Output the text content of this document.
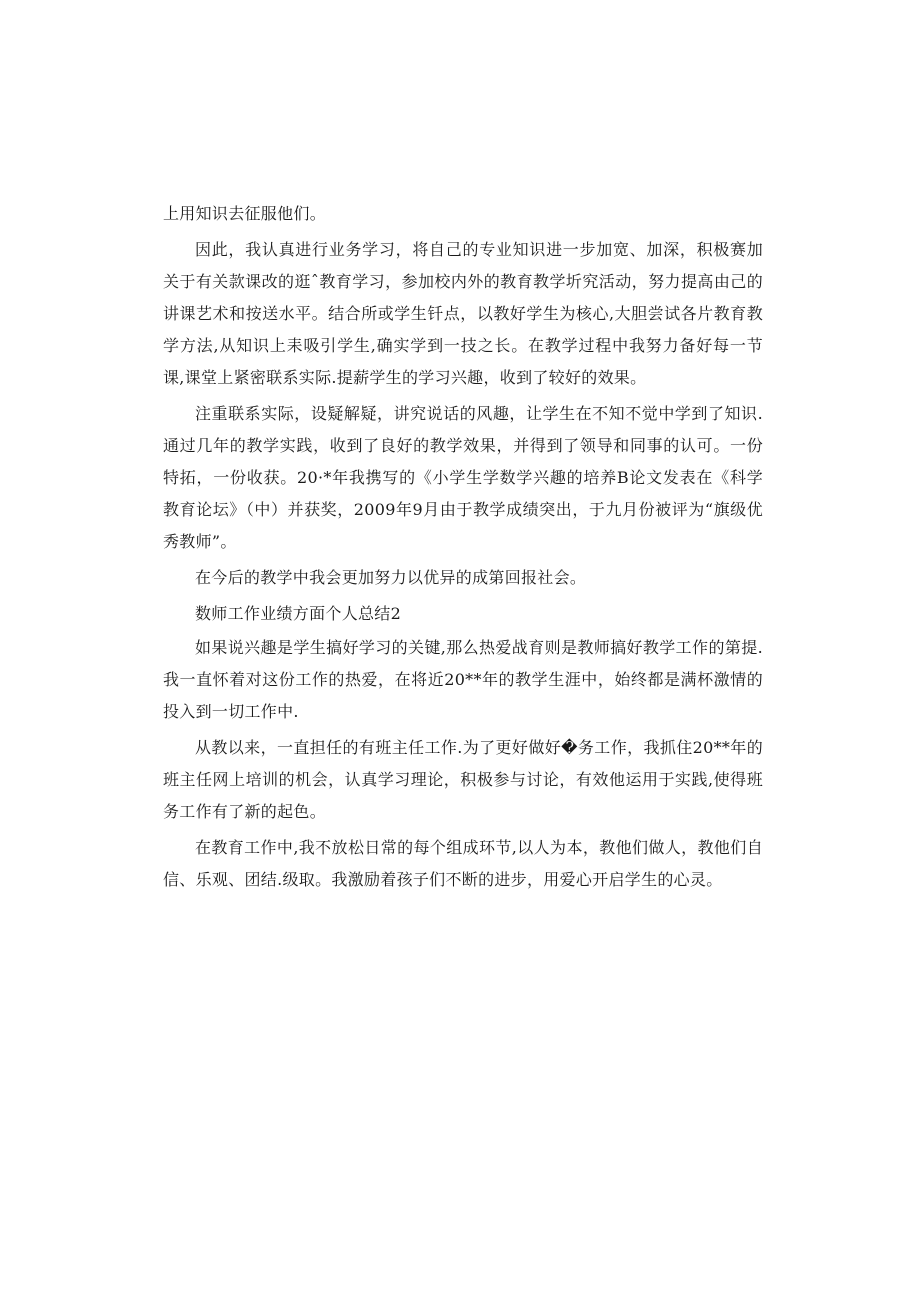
上用知识去征服他们。

因此，我认真进行业务学习，将自己的专业知识进一步加宽、加深，积极赛加关于有关款课改的逛ˆ教育学习，参加校内外的教育教学圻究活动，努力提高由己的讲课艺术和按送水平。结合所或学生钎点，以教好学生为核心,大胆尝试各片教育教学方法,从知识上耒吸引学生,确实学到一技之长。在教学过程中我努力备好每一节课,课堂上紧密联系实际.提薪学生的学习兴趣，收到了较好的效果。

注重联系实际，设疑解疑，讲究说话的风趣，让学生在不知不觉中学到了知识.通过几年的教学实践，收到了良好的教学效果，并得到了领导和同事的认可。一份特拓，一份收获。20·*年我携写的《小学生学数学兴趣的培养B论文发表在《科学教育论坛》（中）并获奖，2009年9月由于教学成绩突出，于九月份被评为“旗级优秀教师”。

在今后的教学中我会更加努力以优异的成第回报社会。

数师工作业绩方面个人总结2

如果说兴趣是学生搞好学习的关键,那么热爱战育则是教师搞好教学工作的第提.我一直怀着对这份工作的热爱，在将近20**年的教学生涯中，始终都是满杯激情的投入到一切工作中.

从教以来，一直担任的有班主任工作.为了更好做好�务工作，我抓住20**年的班主任网上培训的机会，认真学习理论，积极参与讨论，有效他运用于实践,使得班务工作有了新的起色。

在教育工作中,我不放松日常的每个组成环节,以人为本，教他们做人，教他们自信、乐观、团结.级取。我激励着孩子们不断的进步，用爱心开启学生的心灵。
